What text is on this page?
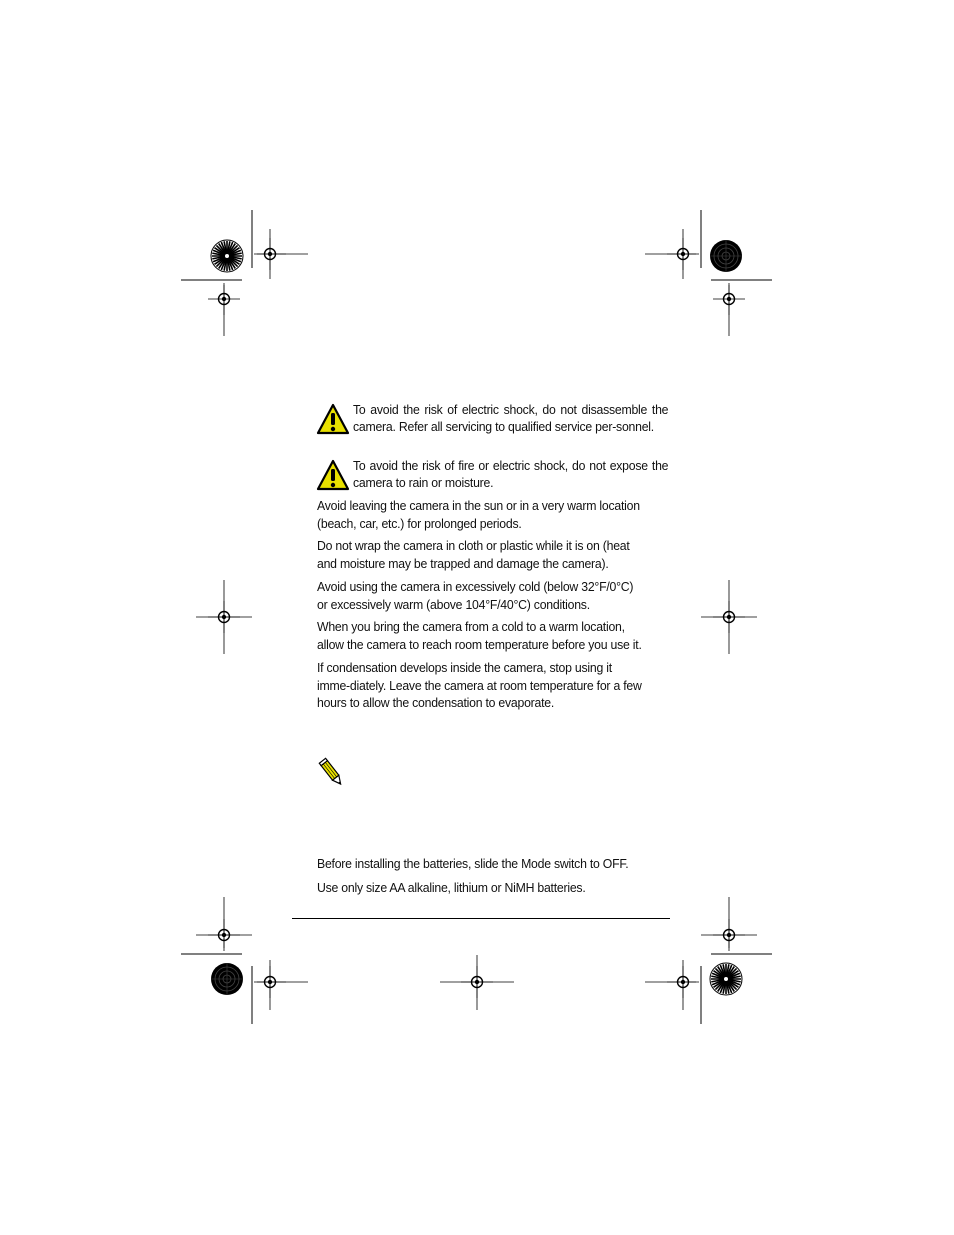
To avoid the risk of electric shock, do not disassemble the camera. Refer all servicing to qualified service per-sonnel.

To avoid the risk of fire or electric shock, do not expose the camera to rain or moisture.

Avoid leaving the camera in the sun or in a very warm location (beach, car, etc.) for prolonged periods.

Do not wrap the camera in cloth or plastic while it is on (heat and moisture may be trapped and damage the camera).

Avoid using the camera in excessively cold (below 32°F/0°C) or excessively warm (above 104°F/40°C) conditions.

When you bring the camera from a cold to a warm location, allow the camera to reach room temperature before you use it.

If condensation develops inside the camera, stop using it imme-diately. Leave the camera at room temperature for a few hours to allow the condensation to evaporate.

Before installing the batteries, slide the Mode switch to OFF.

Use only size AA alkaline, lithium or NiMH batteries.
